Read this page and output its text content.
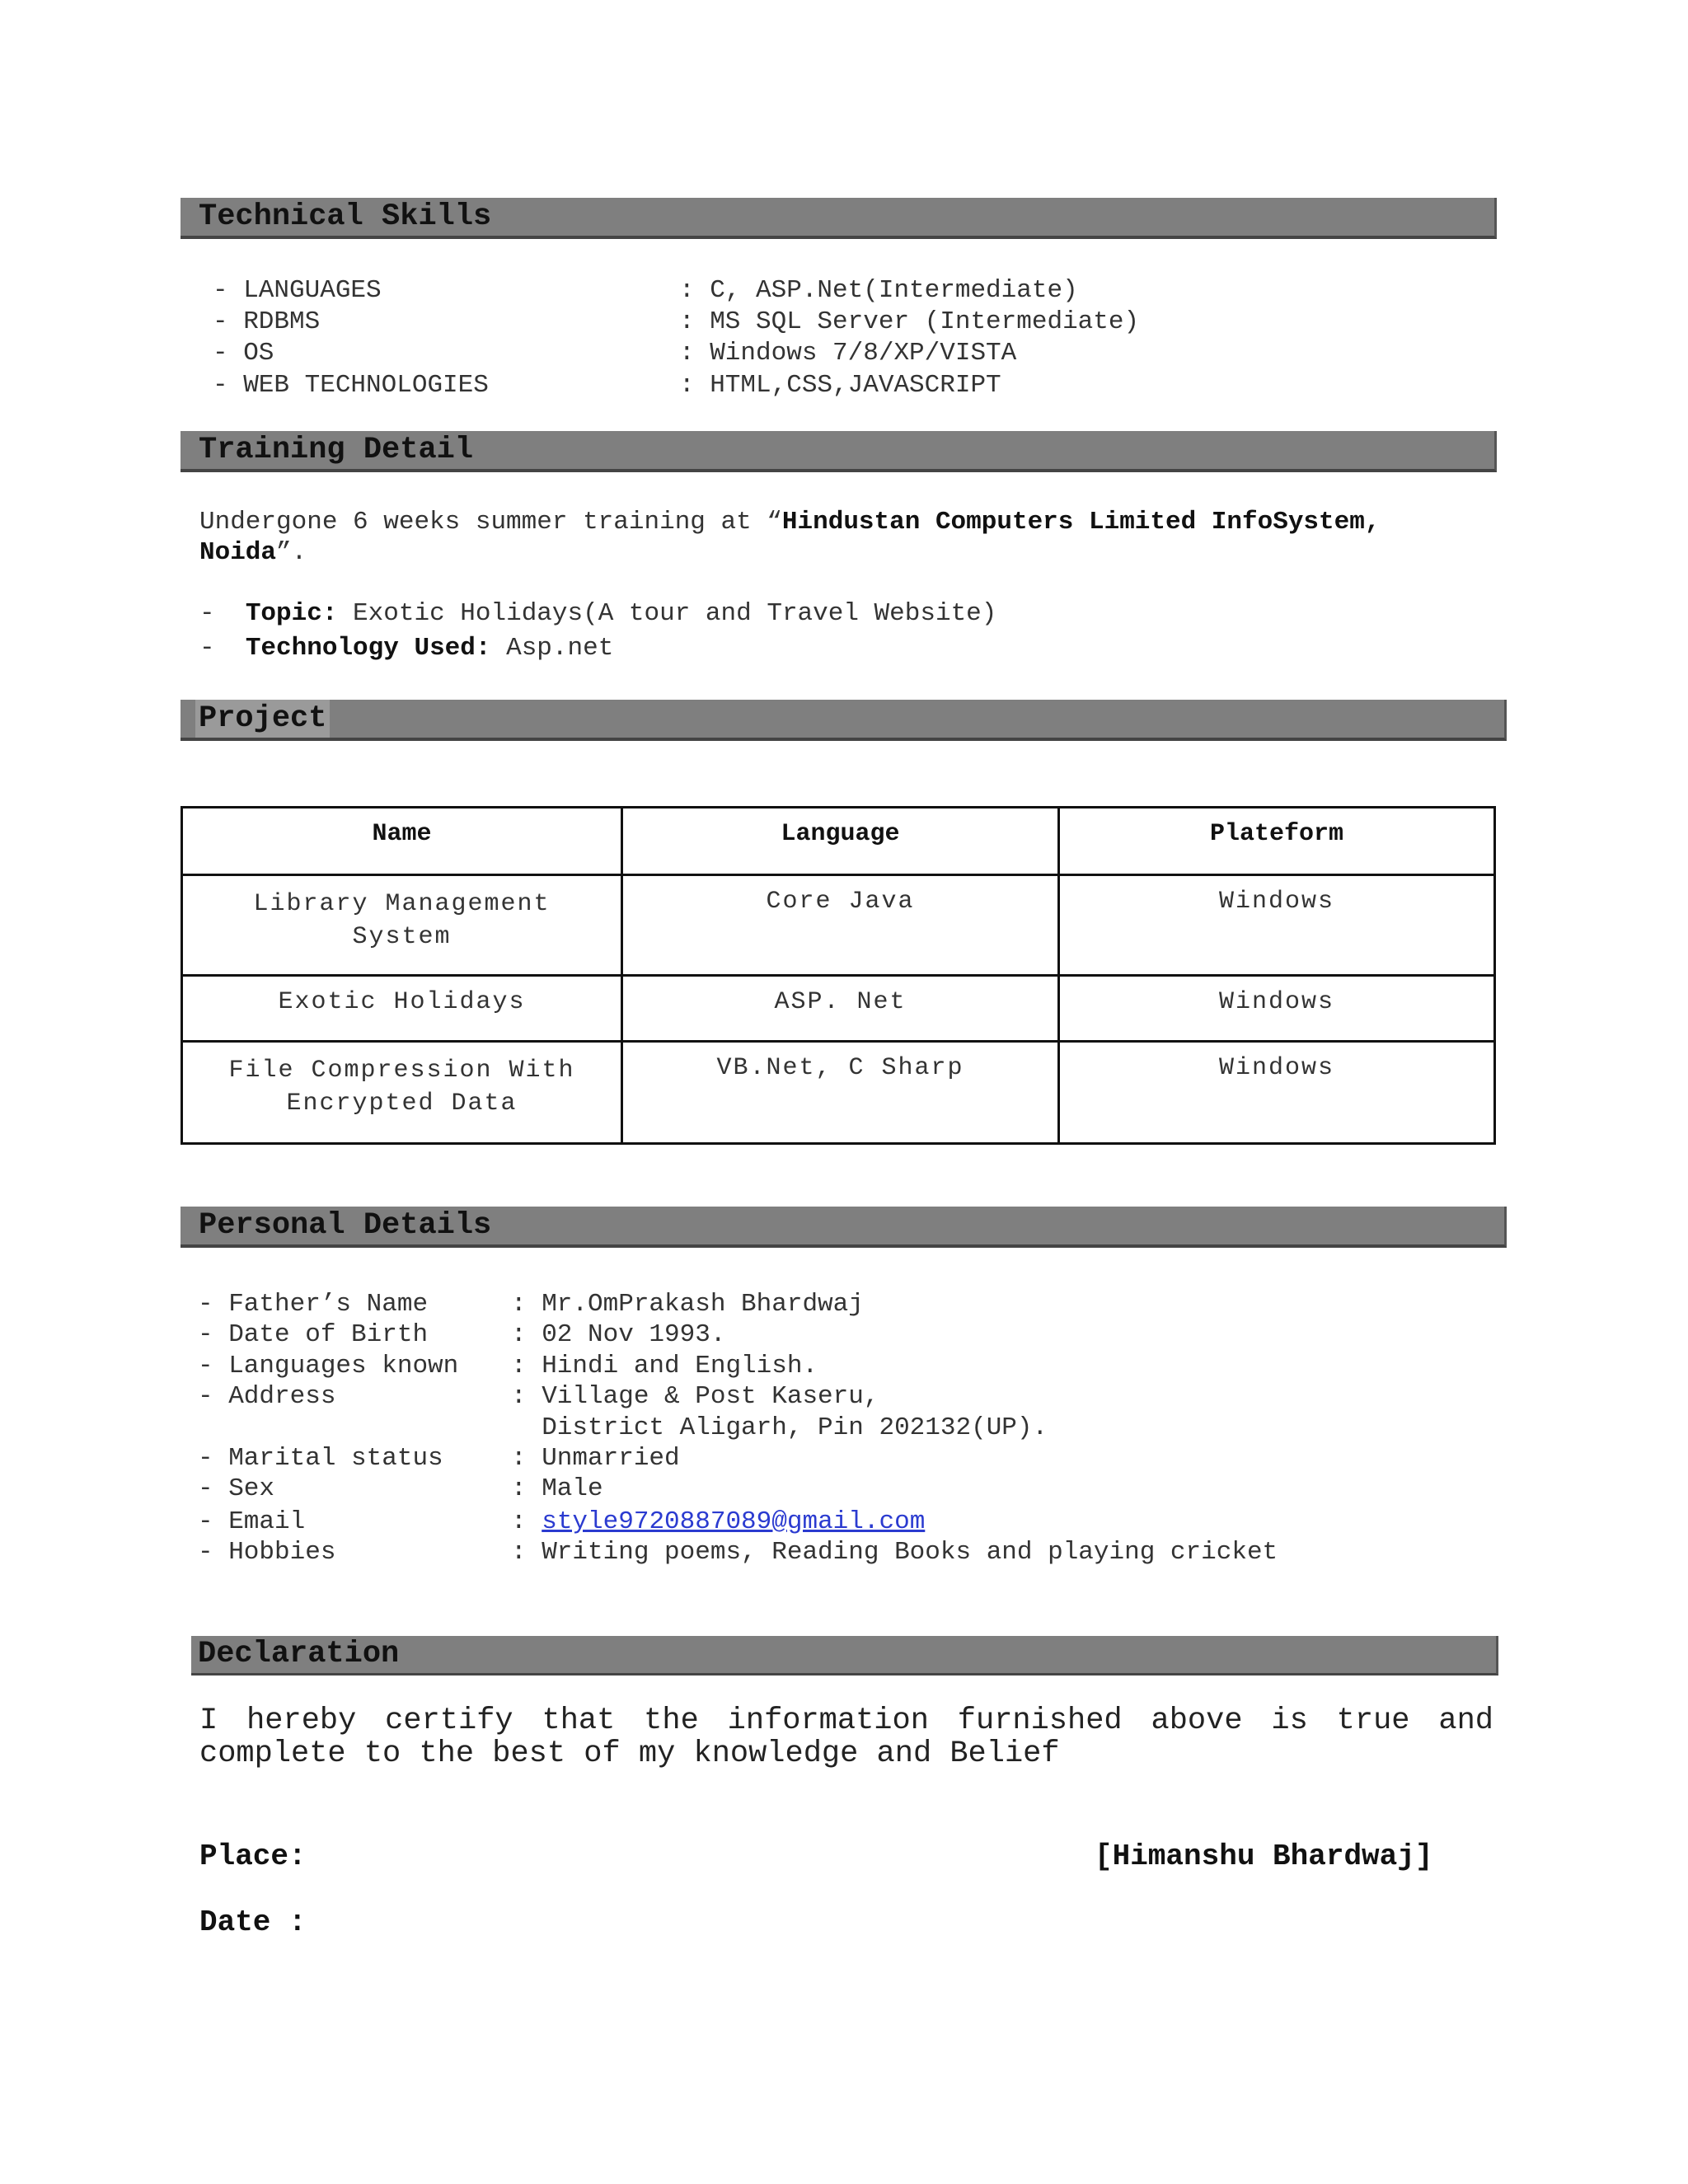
Technical Skills
- LANGUAGES	: C, ASP.Net(Intermediate)
- RDBMS	: MS SQL Server (Intermediate)
- OS	: Windows 7/8/XP/VISTA
- WEB TECHNOLOGIES	: HTML,CSS,JAVASCRIPT
Training Detail
Undergone 6 weeks summer training at “Hindustan Computers Limited InfoSystem,
Noida”.
- Topic: Exotic Holidays(A tour and Travel Website)
- Technology Used: Asp.net
Project
Name	Language	Plateform
Library Management System	Core Java	Windows
Exotic Holidays	ASP. Net	Windows
File Compression With Encrypted Data	VB.Net, C Sharp	Windows
Personal Details
- Father’s Name	: Mr.OmPrakash Bhardwaj
- Date of Birth	: 02 Nov 1993.
- Languages known : Hindi and English.
- Address	: Village & Post Kaseru,
District Aligarh, Pin 202132(UP).
- Marital status	: Unmarried
- Sex	: Male
- Email	: style9720887089@gmail.com
- Hobbies	: Writing poems, Reading Books and playing cricket
Declaration
I hereby certify that the information furnished above is true and complete to the best of my knowledge and Belief
Place:	[Himanshu Bhardwaj]
Date :
